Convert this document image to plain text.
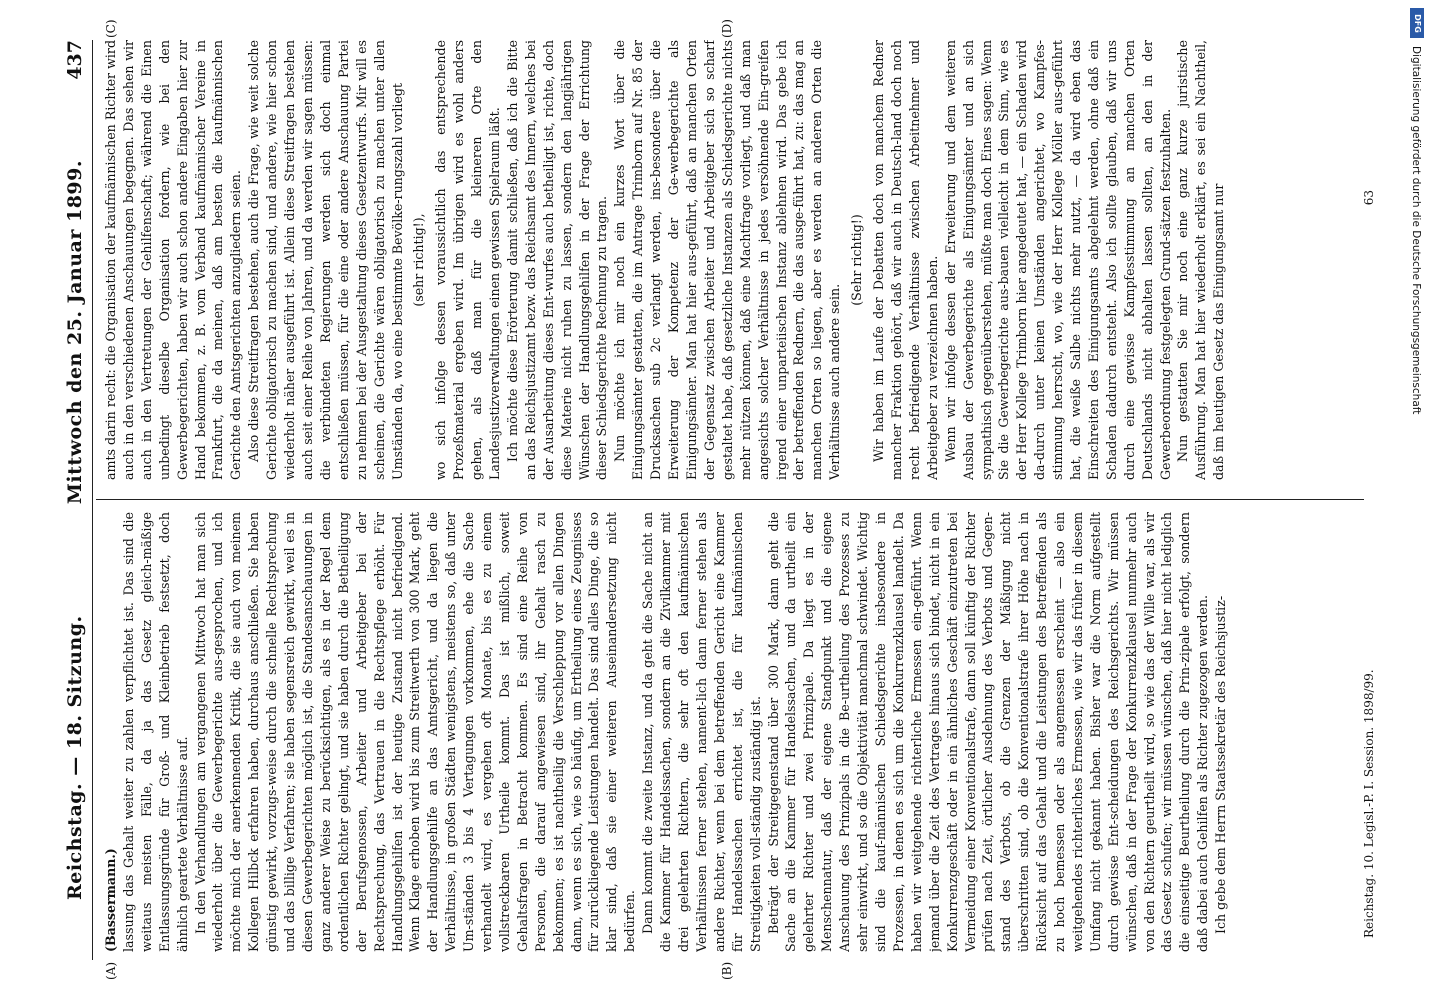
Reichstag. — 18. Sitzung.
Mittwoch den 25. Januar 1899.
437
(A)	(B)
(C)	(D)

(Bassermann.) lassung das Gehalt weiter zu zahlen verpflichtet ist. Das sind die weitaus meisten Fälle, da ja das Gesetz gleich-mäßige Entlassungsgründe für Groß- und Kleinbetrieb festsetzt, doch ähnlich geartete Verhältnisse auf. In den Verhandlungen am vergangenen Mittwoch hat man sich wiederholt über die Gewerbegerichte aus-gesprochen, und ich möchte mich der anerkennenden Kritik, die sie auch von meinem Kollegen Hilbck erfahren haben, durchaus anschließen. Sie haben günstig gewirkt, vorzugs-weise durch die schnelle Rechtsprechung und das billige Verfahren; sie haben segensreich gewirkt, weil es in diesen Gewerbegerichten möglich ist, die Standesanschauungen in ganz anderer Weise zu berücksichtigen, als es in der Regel dem ordentlichen Richter gelingt, und sie haben durch die Betheiligung der Berufsgenossen, Arbeiter und Arbeitgeber bei der Rechtsprechung, das Vertrauen in die Rechtspflege erhöht. Für Handlungsgehilfen ist der heutige Zustand nicht befriedigend. Wenn Klage erhoben wird bis zum Streitwerth von 300 Mark, geht der Handlungsgehilfe an das Amtsgericht, und da liegen die Verhältnisse, in großen Städten wenigstens, meistens so, daß unter Um-ständen 3 bis 4 Vertagungen vorkommen, ehe die Sache verhandelt wird, es vergehen oft Monate, bis es zu einem vollstreckbaren Urtheile kommt. Das ist mißlich, soweit Gehaltsfragen in Betracht kommen. Es sind eine Reihe von Personen, die darauf angewiesen sind, ihr Gehalt rasch zu bekommen; es ist nachtheilig die Verschleppung vor allen Dingen dann, wenn es sich, wie so häufig, um Ertheilung eines Zeugnisses für zurückliegende Leistungen handelt. Das sind alles Dinge, die so klar sind, daß sie einer weiteren Auseinandersetzung nicht bedürfen. Dann kommt die zweite Instanz, und da geht die Sache nicht an die Kammer für Handelssachen, sondern an die Zivilkammer mit drei gelehrten Richtern, die sehr oft den kaufmännischen Verhältnissen ferner stehen, nament-lich dann ferner stehen als andere Richter, wenn bei dem betreffenden Gericht eine Kammer für Handelssachen errichtet ist, die für kaufmännischen Streitigkeiten voll-ständig zuständig ist. Beträgt der Streitgegenstand über 300 Mark, dann geht die Sache an die Kammer für Handelssachen, und da urtheilt ein gelehrter Richter und zwei Prinzipale. Da liegt es in der Menschennatur, daß der eigene Standpunkt und die eigene Anschauung des Prinzipals in die Be-urtheilung des Prozesses zu sehr einwirkt, und so die Objektivität manchmal schwindet. Wichtig sind die kauf-männischen Schiedsgerichte insbesondere in Prozessen, in denen es sich um die Konkurrenzklausel handelt. Da haben wir weitgehende richterliche Ermessen ein-geführt. Wenn jemand über die Zeit des Vertrages hinaus sich bindet, nicht in ein Konkurrenzgeschäft oder in ein ähnliches Geschäft einzutreten bei Vermeidung einer Konventionalstrafe, dann soll künftig der Richter prüfen nach Zeit, örtlicher Ausdehnung des Verbots und Gegen-stand des Verbots, ob die Grenzen der Mäßigung nicht überschritten sind, ob die Konventionalstrafe ihrer Höhe nach in Rücksicht auf das Gehalt und die Leistungen des Betreffenden als zu hoch bemessen oder als angemessen erscheint — also ein weitgehendes richterliches Ermessen, wie wir das früher in diesem Umfang nicht gekannt haben. Bisher war die Norm aufgestellt durch gewisse Ent-scheidungen des Reichsgerichts. Wir müssen wünschen, daß in der Frage der Konkurrenzklausel nunmehr auch von den Richtern geurtheilt wird, so wie das der Wille war, als wir das Gesetz schufen; wir müssen wünschen, daß hier nicht lediglich die einseitige Beurtheilung durch die Prin-zipale erfolgt, sondern daß dabei auch Gehilfen als Richter zugezogen werden. Ich gebe dem Herrn Staatssekretär des Reichsjustiz-

amts darin recht: die Organisation der kaufmännischen Richter wird auch in den verschiedenen Anschauungen begegnen. Das sehen wir auch in den Vertretungen der Gehilfenschaft; während die Einen unbedingt dieselbe Organisation fordern, wie bei den Gewerbegerichten, haben wir auch schon andere Eingaben hier zur Hand bekommen, z. B. vom Verband kaufmännischer Vereine in Frankfurt, die da meinen, daß am besten die kaufmännischen Gerichte den Amtsgerichten anzugliedern seien. Also diese Streitfragen bestehen, auch die Frage, wie weit solche Gerichte obligatorisch zu machen sind, und andere, wie hier schon wiederholt näher ausgeführt ist. Allein diese Streitfragen bestehen auch seit einer Reihe von Jahren, und da werden wir sagen müssen: die verbündeten Regierungen werden sich doch einmal entschließen müssen, für die eine oder andere Anschauung Partei zu nehmen bei der Ausgestaltung dieses Gesetzentwurfs. Mir will es scheinen, die Gerichte wären obligatorisch zu machen unter allen Umständen da, wo eine bestimmte Bevölke-rungszahl vorliegt (sehr richtig!), wo sich infolge dessen voraussichtlich das entsprechende Prozeßmaterial ergeben wird. Im übrigen wird es wohl anders gehen, als daß man für die kleineren Orte den Landesjustizverwaltungen einen gewissen Spielraum läßt. Ich möchte diese Erörterung damit schließen, daß ich die Bitte an das Reichsjustizamt bezw. das Reichsamt des Innern, welches bei der Ausarbeitung dieses Ent-wurfes auch betheiligt ist, richte, doch diese Materie nicht ruhen zu lassen, sondern den langjährigen Wünschen der Handlungsgehilfen in der Frage der Errichtung dieser Schiedsgerichte Rechnung zu tragen. Nun möchte ich mir noch ein kurzes Wort über die Einigungsämter gestatten, die im Antrage Trimborn auf Nr. 85 der Drucksachen sub 2c verlangt werden, ins-besondere über die Erweiterung der Kompetenz der Ge-werbegerichte als Einigungsämter. Man hat hier aus-geführt, daß an manchen Orten der Gegensatz zwischen Arbeiter und Arbeitgeber sich so scharf gestaltet habe, daß gesetzliche Instanzen als Schiedsgerichte nichts mehr nützen können, daß eine Machtfrage vorliegt, und daß man angesichts solcher Verhältnisse in jedes versöhnende Ein-greifen irgend einer unparteiischen Instanz ablehnen wird. Das gebe ich der betreffenden Rednern, die das ausge-führt hat, zu: das mag an manchen Orten so liegen, aber es werden an anderen Orten die Verhältnisse auch andere sein.

(Sehr richtig!) Wir haben im Laufe der Debatten doch von manchem Redner mancher Fraktion gehört, daß wir auch in Deutsch-land doch noch recht befriedigende Verhältnisse zwischen Arbeitnehmer und Arbeitgeber zu verzeichnen haben. Wenn wir infolge dessen der Erweiterung und dem weiteren Ausbau der Gewerbegerichte als Einigungsämter und an sich sympathisch gegenüberstehen, müßte man doch Eines sagen: Wenn Sie die Gewerbegerichte aus-bauen vielleicht in dem Sinn, wie es der Herr Kollege Trimborn hier angedeutet hat, — ein Schaden wird da-durch unter keinen Umständen angerichtet, wo Kampfes-stimmung herrscht, wo, wie der Herr Kollege Möller aus-geführt hat, die weiße Salbe nichts mehr nutzt, — da wird eben das Einschreiten des Einigungsamts abgelehnt werden, ohne daß ein Schaden dadurch entsteht. Also ich sollte glauben, daß wir uns durch eine gewisse Kampfesstimmung an manchen Orten Deutschlands nicht abhalten lassen sollten, an den in der Gewerbeordnung festgelegten Grund-sätzen festzuhalten. Nun gestatten Sie mir noch eine ganz kurze juristische Ausführung. Man hat hier wiederholt erklärt, es sei ein Nachtheil, daß im heutigen Gesetz das Einigungsamt nur

Reichstag. 10. Legisl.-P. I. Session. 1898/99.
63
DFG
Digitalisierung gefördert durch die Deutsche Forschungsgemeinschaft
